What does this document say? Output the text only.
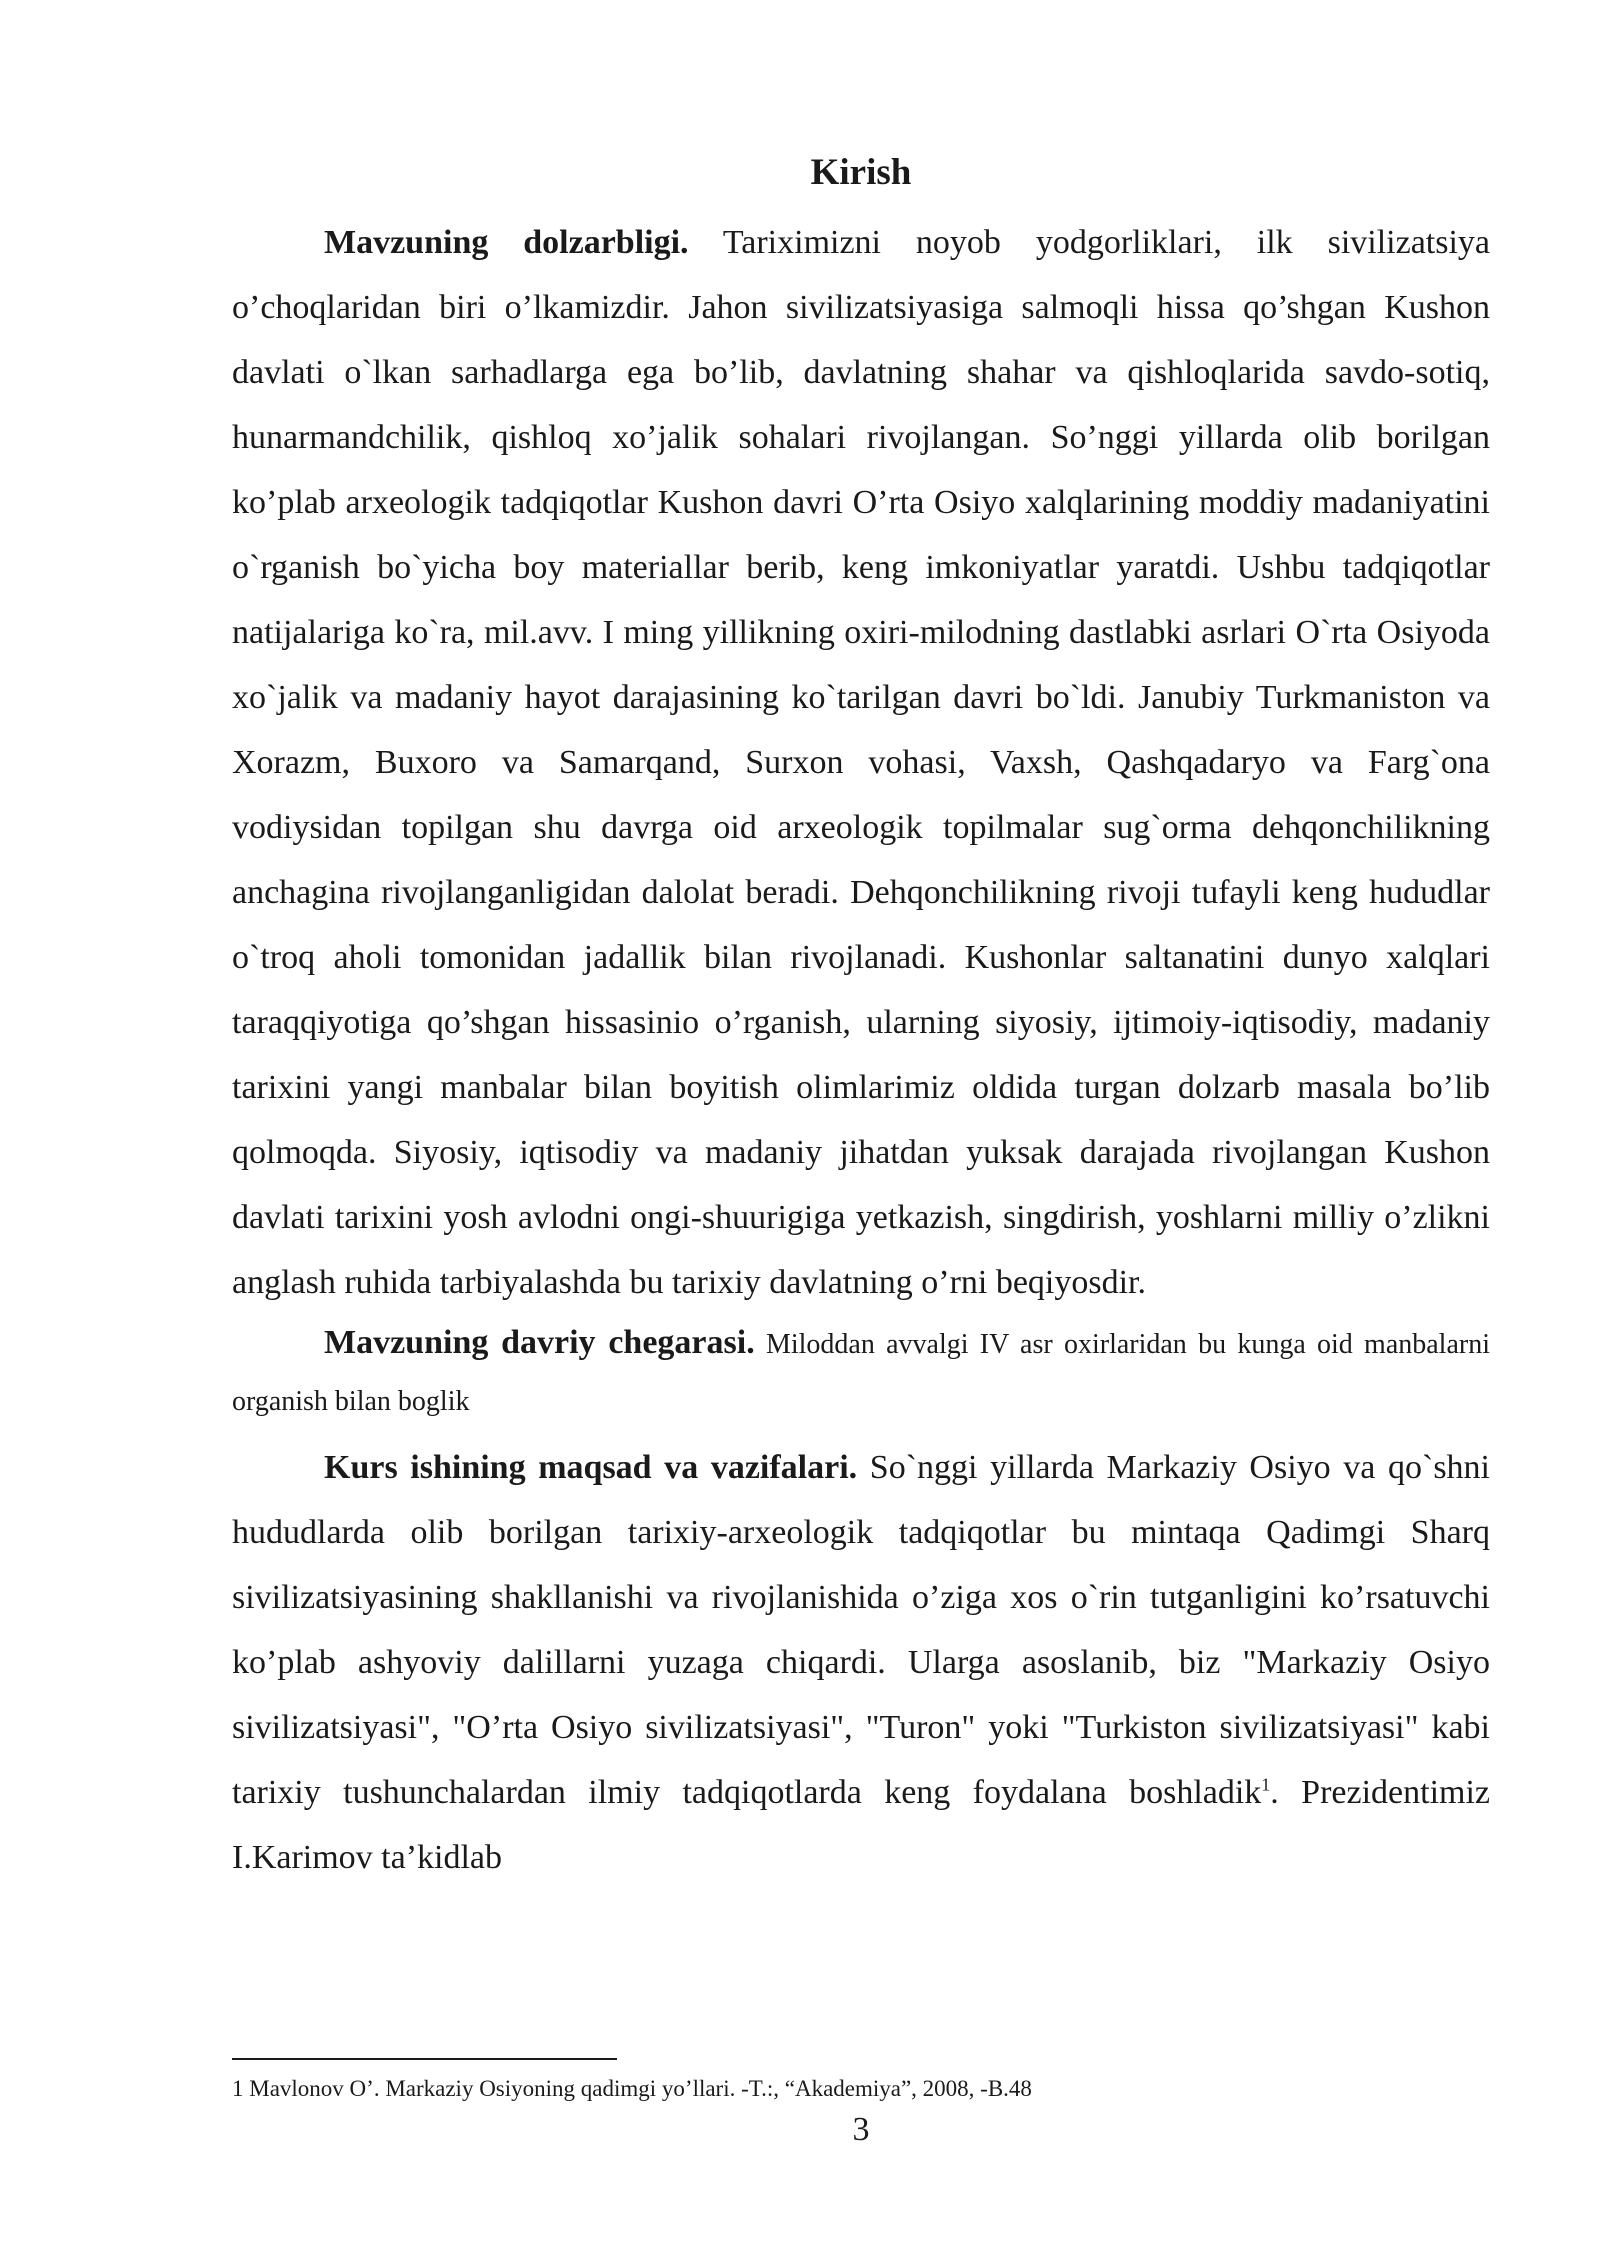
Kirish

Mavzuning dolzarbligi. Tariximizni noyob yodgorliklari, ilk sivilizatsiya o’choqlaridan biri o’lkamizdir. Jahon sivilizatsiyasiga salmoqli hissa qo’shgan Kushon davlati o`lkan sarhadlarga ega bo’lib, davlatning shahar va qishloqlarida savdo-sotiq, hunarmandchilik, qishloq xo’jalik sohalari rivojlangan. So’nggi yillarda olib borilgan ko’plab arxeologik tadqiqotlar Kushon davri O’rta Osiyo xalqlarining moddiy madaniyatini o`rganish bo`yicha boy materiallar berib, keng imkoniyatlar yaratdi. Ushbu tadqiqotlar natijalariga ko`ra, mil.avv. I ming yillikning oxiri-milodning dastlabki asrlari O`rta Osiyoda xo`jalik va madaniy hayot darajasining ko`tarilgan davri bo`ldi. Janubiy Turkmaniston va Xorazm, Buxoro va Samarqand, Surxon vohasi, Vaxsh, Qashqadaryo va Farg`ona vodiysidan topilgan shu davrga oid arxeologik topilmalar sug`orma dehqonchilikning anchagina rivojlanganligidan dalolat beradi. Dehqonchilikning rivoji tufayli keng hududlar o`troq aholi tomonidan jadallik bilan rivojlanadi. Kushonlar saltanatini dunyo xalqlari taraqqiyotiga qo’shgan hissasinio o’rganish, ularning siyosiy, ijtimoiy-iqtisodiy, madaniy tarixini yangi manbalar bilan boyitish olimlarimiz oldida turgan dolzarb masala bo’lib qolmoqda. Siyosiy, iqtisodiy va madaniy jihatdan yuksak darajada rivojlangan Kushon davlati tarixini yosh avlodni ongi-shuurigiga yetkazish, singdirish, yoshlarni milliy o’zlikni anglash ruhida tarbiyalashda bu tarixiy davlatning o’rni beqiyosdir.

Mavzuning davriy chegarasi. Miloddan avvalgi IV asr oxirlaridan bu kunga oid manbalarni organish bilan boglik

Kurs ishining maqsad va vazifalari. So`nggi yillarda Markaziy Osiyo va qo`shni hududlarda olib borilgan tarixiy-arxeologik tadqiqotlar bu mintaqa Qadimgi Sharq sivilizatsiyasining shakllanishi va rivojlanishida o’ziga xos o`rin tutganligini ko’rsatuvchi ko’plab ashyoviy dalillarni yuzaga chiqardi. Ularga asoslanib, biz "Markaziy Osiyo sivilizatsiyasi", "O’rta Osiyo sivilizatsiyasi", "Turon" yoki "Turkiston sivilizatsiyasi" kabi tarixiy tushunchalardan ilmiy tadqiqotlarda keng foydalana boshladik$^1$. Prezidentimiz I.Karimov ta’kidlab

1 Mavlonov O’. Markaziy Osiyoning qadimgi yo’llari. -T.:, “Akademiya”, 2008, -B.48
3
